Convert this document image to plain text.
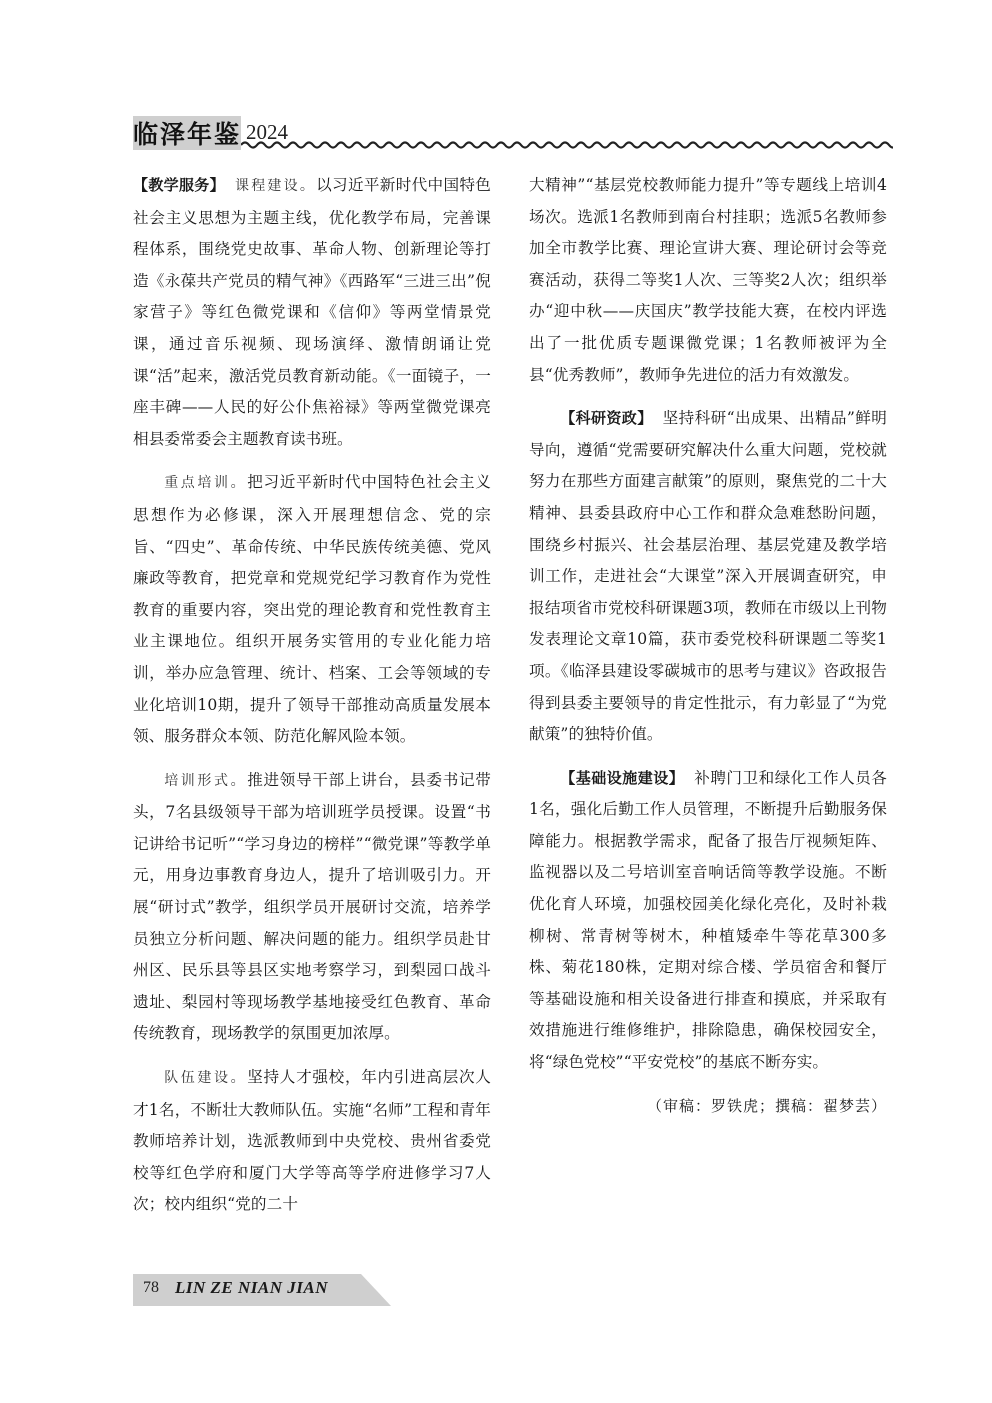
临泽年鉴 2024

【教学服务】 课程建设。以习近平新时代中国特色社会主义思想为主题主线，优化教学布局，完善课程体系，围绕党史故事、革命人物、创新理论等打造《永葆共产党员的精气神》《西路军“三进三出”倪家营子》等红色微党课和《信仰》等两堂情景党课，通过音乐视频、现场演绎、激情朗诵让党课“活”起来，激活党员教育新动能。《一面镜子，一座丰碑——人民的好公仆焦裕禄》等两堂微党课亮相县委常委会主题教育读书班。

重点培训。把习近平新时代中国特色社会主义思想作为必修课，深入开展理想信念、党的宗旨、“四史”、革命传统、中华民族传统美德、党风廉政等教育，把党章和党规党纪学习教育作为党性教育的重要内容，突出党的理论教育和党性教育主业主课地位。组织开展务实管用的专业化能力培训，举办应急管理、统计、档案、工会等领域的专业化培训10期，提升了领导干部推动高质量发展本领、服务群众本领、防范化解风险本领。

培训形式。推进领导干部上讲台，县委书记带头，7名县级领导干部为培训班学员授课。设置“书记讲给书记听”“学习身边的榜样”“微党课”等教学单元，用身边事教育身边人，提升了培训吸引力。开展“研讨式”教学，组织学员开展研讨交流，培养学员独立分析问题、解决问题的能力。组织学员赴甘州区、民乐县等县区实地考察学习，到梨园口战斗遗址、梨园村等现场教学基地接受红色教育、革命传统教育，现场教学的氛围更加浓厚。

队伍建设。坚持人才强校，年内引进高层次人才1名，不断壮大教师队伍。实施“名师”工程和青年教师培养计划，选派教师到中央党校、贵州省委党校等红色学府和厦门大学等高等学府进修学习7人次；校内组织“党的二十

大精神”“基层党校教师能力提升”等专题线上培训4场次。选派1名教师到南台村挂职；选派5名教师参加全市教学比赛、理论宣讲大赛、理论研讨会等竞赛活动，获得二等奖1人次、三等奖2人次；组织举办“迎中秋——庆国庆”教学技能大赛，在校内评选出了一批优质专题课微党课；1名教师被评为全县“优秀教师”，教师争先进位的活力有效激发。

【科研资政】 坚持科研“出成果、出精品”鲜明导向，遵循“党需要研究解决什么重大问题，党校就努力在那些方面建言献策”的原则，聚焦党的二十大精神、县委县政府中心工作和群众急难愁盼问题，围绕乡村振兴、社会基层治理、基层党建及教学培训工作，走进社会“大课堂”深入开展调查研究，申报结项省市党校科研课题3项，教师在市级以上刊物发表理论文章10篇，获市委党校科研课题二等奖1项。《临泽县建设零碳城市的思考与建议》咨政报告得到县委主要领导的肯定性批示，有力彰显了“为党献策”的独特价值。

【基础设施建设】 补聘门卫和绿化工作人员各1名，强化后勤工作人员管理，不断提升后勤服务保障能力。根据教学需求，配备了报告厅视频矩阵、监视器以及二号培训室音响话筒等教学设施。不断优化育人环境，加强校园美化绿化亮化，及时补栽柳树、常青树等树木，种植矮牵牛等花草300多株、菊花180株，定期对综合楼、学员宿舍和餐厅等基础设施和相关设备进行排查和摸底，并采取有效措施进行维修维护，排除隐患，确保校园安全，将“绿色党校”“平安党校”的基底不断夯实。

（审稿：罗铁虎；撰稿：翟梦芸）

78 LIN ZE NIAN JIAN
